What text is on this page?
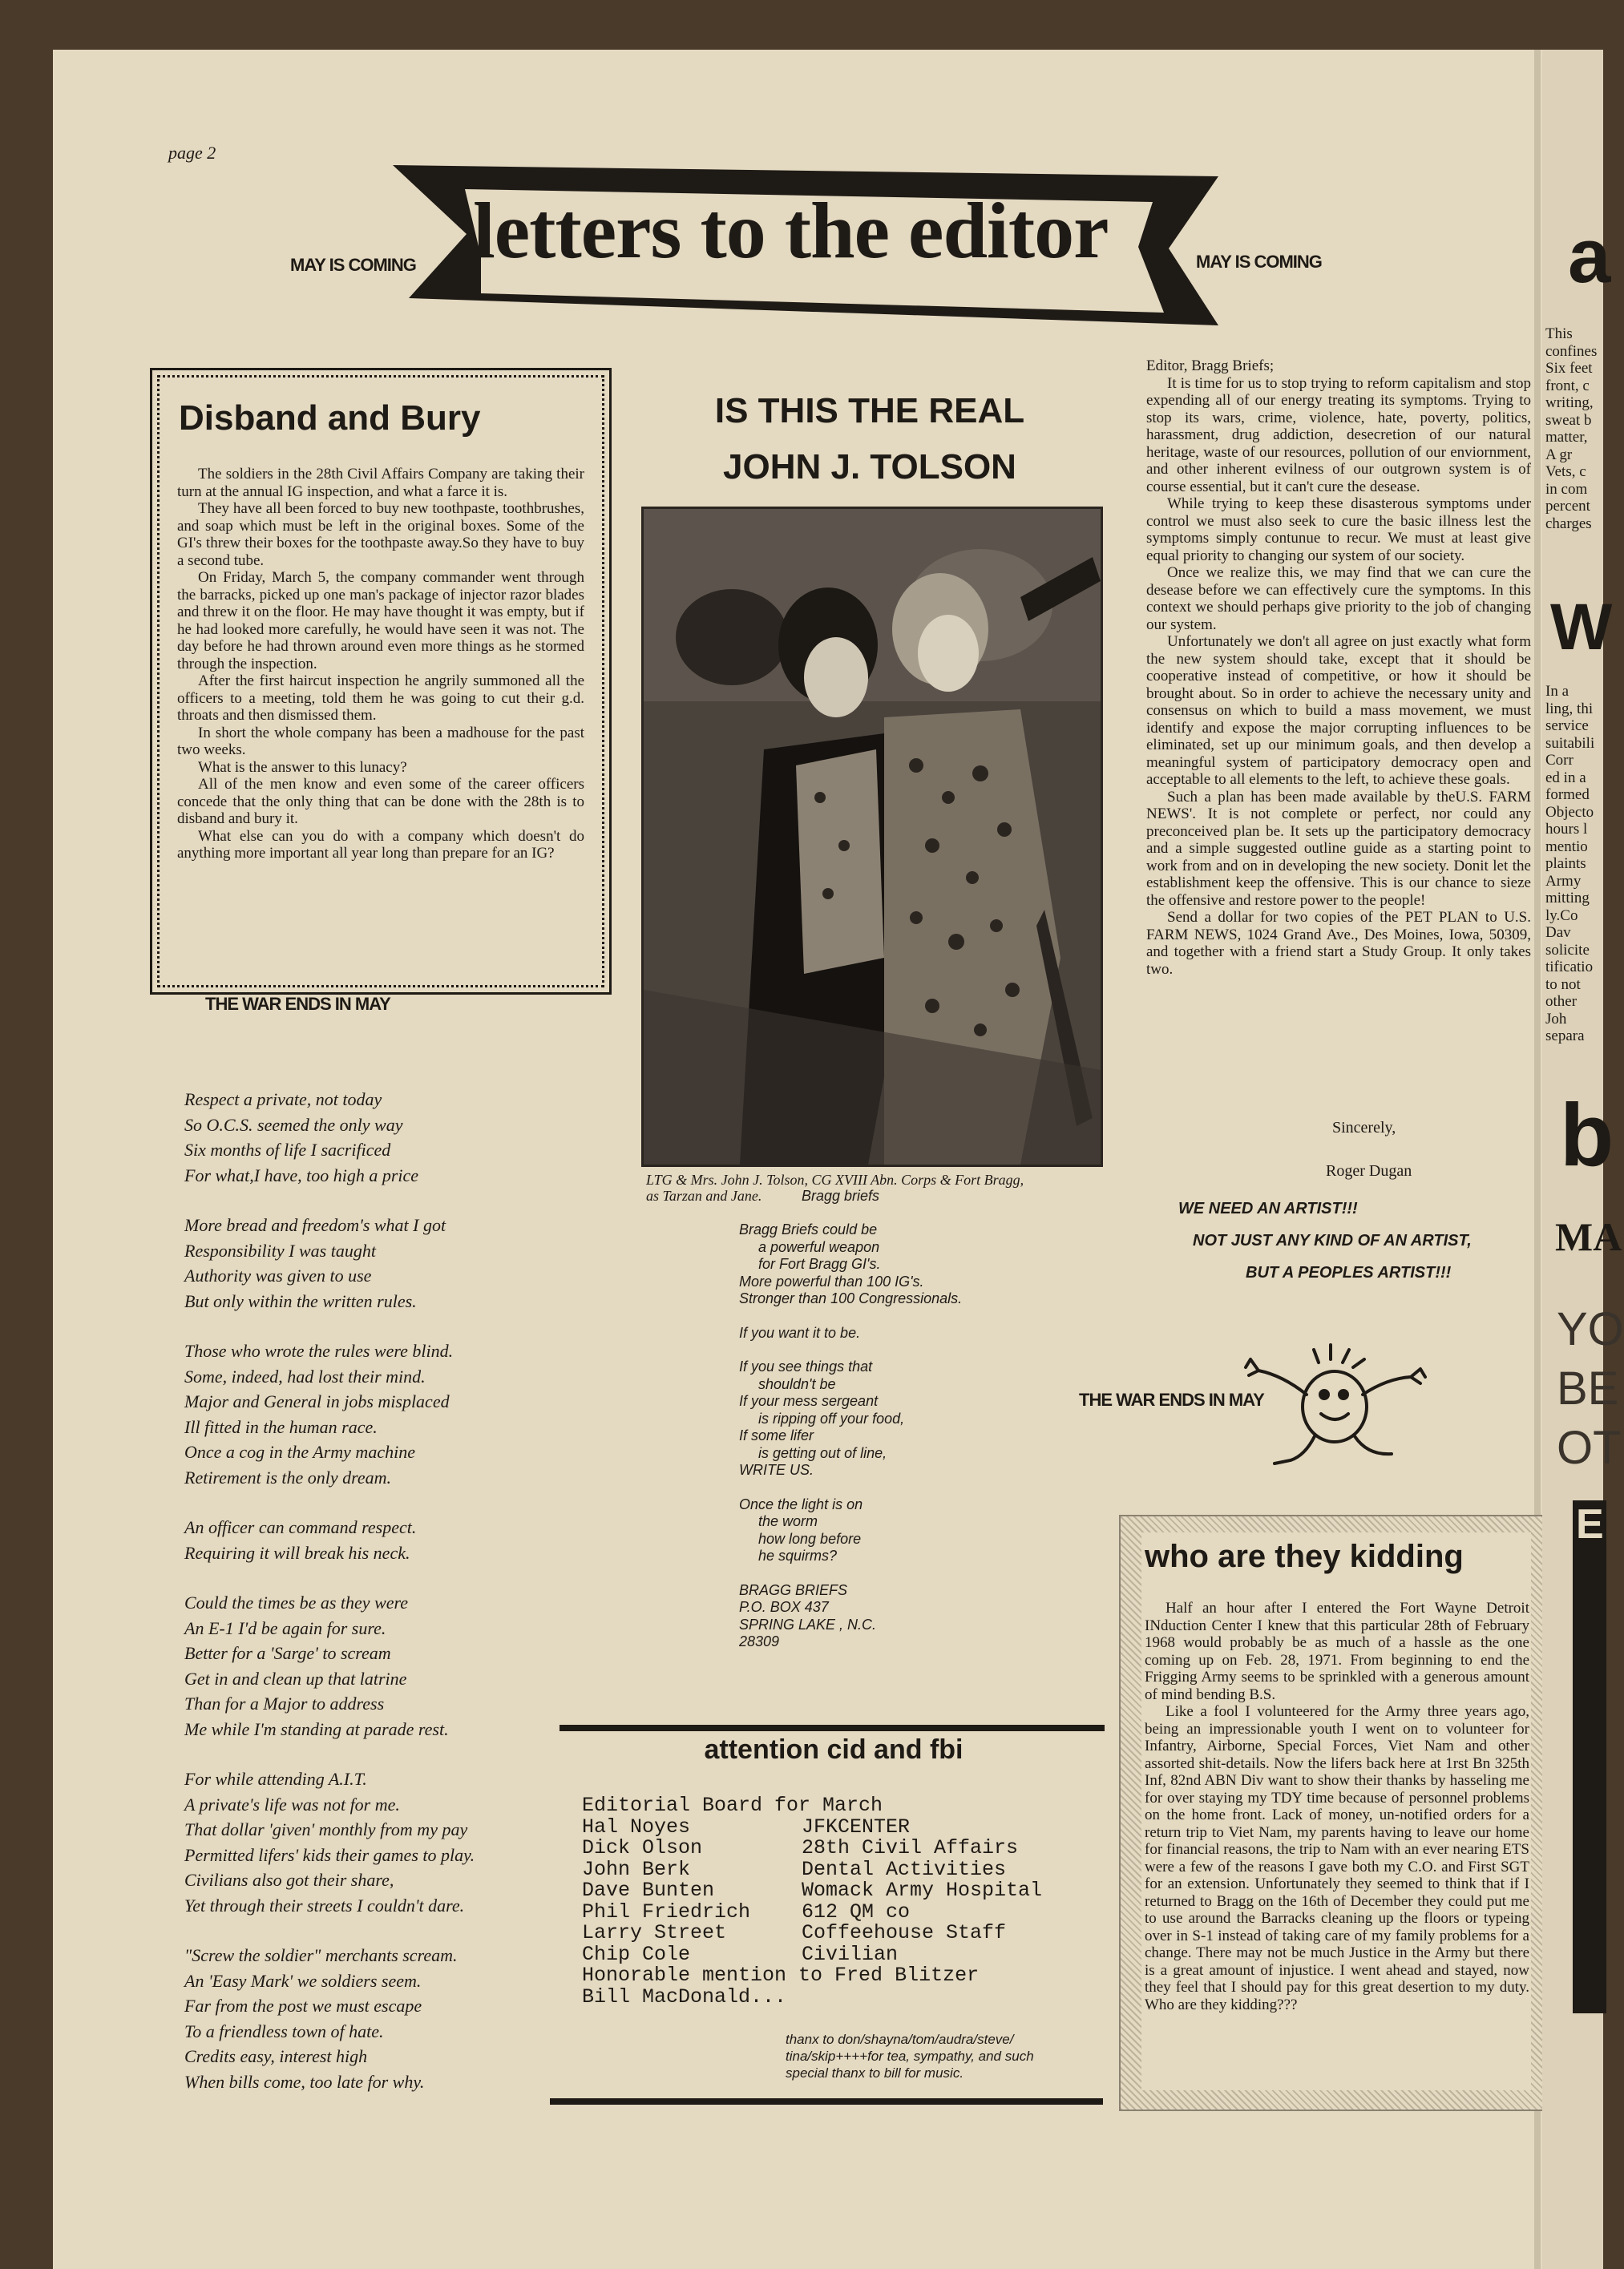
page 2
MAY IS COMING	MAY IS COMING
letters to the editor
Disband and Bury

The soldiers in the 28th Civil Affairs Company are taking their turn at the annual IG inspection, and what a farce it is.

They have all been forced to buy new toothpaste, toothbrushes, and soap which must be left in the original boxes. Some of the GI's threw their boxes for the toothpaste away.So they have to buy a second tube.

On Friday, March 5, the company commander went through the barracks, picked up one man's package of injector razor blades and threw it on the floor. He may have thought it was empty, but if he had looked more carefully, he would have seen it was not. The day before he had thrown around even more things as he stormed through the inspection.

After the first haircut inspection he angrily summoned all the officers to a meeting, told them he was going to cut their g.d. throats and then dismissed them.

In short the whole company has been a madhouse for the past two weeks.

What is the answer to this lunacy?

All of the men know and even some of the career officers concede that the only thing that can be done with the 28th is to disband and bury it.

What else can you do with a company which doesn't do anything more important all year long than prepare for an IG?

THE WAR ENDS IN MAY
Respect a private, not today
So O.C.S. seemed the only way
Six months of life I sacrificed
For what,I have, too high a price
More bread and freedom's what I got
Responsibility I was taught
Authority was given to use
But only within the written rules.
Those who wrote the rules were blind.
Some, indeed, had lost their mind.
Major and General in jobs misplaced
Ill fitted in the human race.
Once a cog in the Army machine
Retirement is the only dream.
An officer can command respect.
Requiring it will break his neck.
Could the times be as they were
An E-1 I'd be again for sure.
Better for a 'Sarge' to scream
Get in and clean up that latrine
Than for a Major to address
Me while I'm standing at parade rest.
For while attending A.I.T.
A private's life was not for me.
That dollar 'given' monthly from my pay
Permitted lifers' kids their games to play.
Civilians also got their share,
Yet through their streets I couldn't dare.
"Screw the soldier" merchants scream.
An 'Easy Mark' we soldiers seem.
Far from the post we must escape
To a friendless town of hate.
Credits easy, interest high
When bills come, too late for why.
IS THIS THE REAL
JOHN J. TOLSON
LTG & Mrs. John J. Tolson, CG XVIII Abn. Corps & Fort Bragg,
as Tarzan and Jane.	Bragg briefs
Bragg Briefs could be
a powerful weapon
for Fort Bragg GI's.
More powerful than 100 IG's.
Stronger than 100 Congressionals.
If you want it to be.
If you see things that
shouldn't be
If your mess sergeant
is ripping off your food,
If some lifer
is getting out of line,
WRITE US.
Once the light is on
the worm
how long before
he squirms?
BRAGG BRIEFS
P.O. BOX 437
SPRING LAKE , N.C.
28309
attention cid and fbi
Editorial Board for March
Hal Noyes	JFKCENTER
Dick Olson	28th Civil Affairs
John Berk	Dental Activities
Dave Bunten	Womack Army Hospital
Phil Friedrich	612 QM co
Larry Street	Coffeehouse Staff
Chip Cole	Civilian
Honorable mention to Fred Blitzer
Bill MacDonald...
thanx to don/shayna/tom/audra/steve/
tina/skip++++for tea, sympathy, and such
special thanx to bill for music.
Editor, Bragg Briefs;

It is time for us to stop trying to reform capitalism and stop expending all of our energy treating its symptoms. Trying to stop its wars, crime, violence, hate, poverty, politics, harassment, drug addiction, desecretion of our natural heritage, waste of our resources, pollution of our enviornment, and other inherent evilness of our outgrown system is of course essential, but it can't cure the desease.

While trying to keep these disasterous symptoms under control we must also seek to cure the basic illness lest the symptoms simply contunue to recur. We must at least give equal priority to changing our system of our society.

Once we realize this, we may find that we can cure the desease before we can effectively cure the symptoms. In this context we should perhaps give priority to the job of changing our system.

Unfortunately we don't all agree on just exactly what form the new system should take, except that it should be cooperative instead of competitive, or how it should be brought about. So in order to achieve the necessary unity and consensus on which to build a mass movement, we must identify and expose the major corrupting influences to be eliminated, set up our minimum goals, and then develop a meaningful system of participatory democracy open and acceptable to all elements to the left, to achieve these goals.

Such a plan has been made available by theU.S. FARM NEWS'. It is not complete or perfect, nor could any preconceived plan be. It sets up the participatory democracy and a simple suggested outline guide as a starting point to work from and on in developing the new society. Donit let the establishment keep the offensive. This is our chance to sieze the offensive and restore power to the people!

Send a dollar for two copies of the PET PLAN to U.S. FARM NEWS, 1024 Grand Ave., Des Moines, Iowa, 50309, and together with a friend start a Study Group. It only takes two.

Sincerely,
Roger Dugan
WE NEED AN ARTIST!!!
NOT JUST ANY KIND OF AN ARTIST,
BUT A PEOPLES ARTIST!!!
THE WAR ENDS IN MAY
who are they kidding

Half an hour after I entered the Fort Wayne Detroit INduction Center I knew that this particular 28th of February 1968 would probably be as much of a hassle as the one coming up on Feb. 28, 1971. From beginning to end the Frigging Army seems to be sprinkled with a generous amount of mind bending B.S.

Like a fool I volunteered for the Army three years ago, being an impressionable youth I went on to volunteer for Infantry, Airborne, Special Forces, Viet Nam and other assorted shit-details. Now the lifers back here at 1rst Bn 325th Inf, 82nd ABN Div want to show their thanks by hasseling me for over staying my TDY time because of personnel problems on the home front. Lack of money, un-notified orders for a return trip to Viet Nam, my parents having to leave our home for financial reasons, the trip to Nam with an ever nearing ETS were a few of the reasons I gave both my C.O. and First SGT for an extension. Unfortunately they seemed to think that if I returned to Bragg on the 16th of December they could put me to use around the Barracks cleaning up the floors or typeing over in S-1 instead of taking care of my family problems for a change. There may not be much Justice in the Army but there is a great amount of injustice. I went ahead and stayed, now they feel that I should pay for this great desertion to my duty. Who are they kidding???

a
This
confines
Six feet
front, c
writing,
sweat b
matter,
A gr
Vets, c
in com
percent
charges
W
In a
ling, thi
service
suitabili
Corr
ed in a
formed
Objecto
hours l
mentio
plaints
Army
mitting
ly.Co
Dav
solicite
tificatio
to not
other
Joh
separa
b
MA
YO
BE
OT
E
